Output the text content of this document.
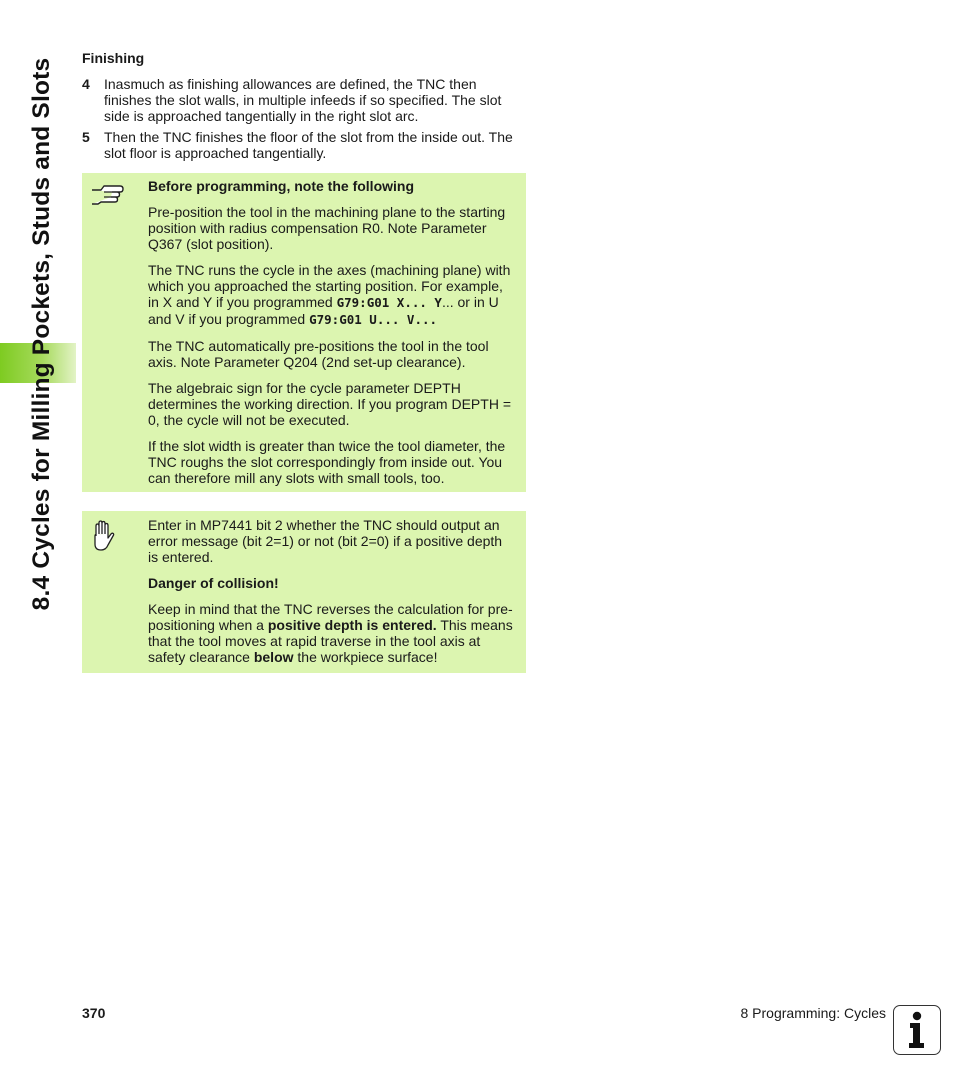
8.4 Cycles for Milling Pockets, Studs and Slots Finishing
4 Inasmuch as finishing allowances are defined, the TNC then finishes the slot walls, in multiple infeeds if so specified. The slot side is approached tangentially in the right slot arc.
5 Then the TNC finishes the floor of the slot from the inside out. The slot floor is approached tangentially.

Before programming, note the following

Pre-position the tool in the machining plane to the starting position with radius compensation R0. Note Parameter Q367 (slot position).

The TNC runs the cycle in the axes (machining plane) with which you approached the starting position. For example, in X and Y if you programmed G79:G01 X... Y... or in U and V if you programmed G79:G01 U... V...

The TNC automatically pre-positions the tool in the tool axis. Note Parameter Q204 (2nd set-up clearance).

The algebraic sign for the cycle parameter DEPTH determines the working direction. If you program DEPTH = 0, the cycle will not be executed.

If the slot width is greater than twice the tool diameter, the TNC roughs the slot correspondingly from inside out. You can therefore mill any slots with small tools, too.

Enter in MP7441 bit 2 whether the TNC should output an error message (bit 2=1) or not (bit 2=0) if a positive depth is entered.

Danger of collision!

Keep in mind that the TNC reverses the calculation for pre-positioning when a positive depth is entered. This means that the tool moves at rapid traverse in the tool axis at safety clearance below the workpiece surface!

370	8 Programming: Cycles
